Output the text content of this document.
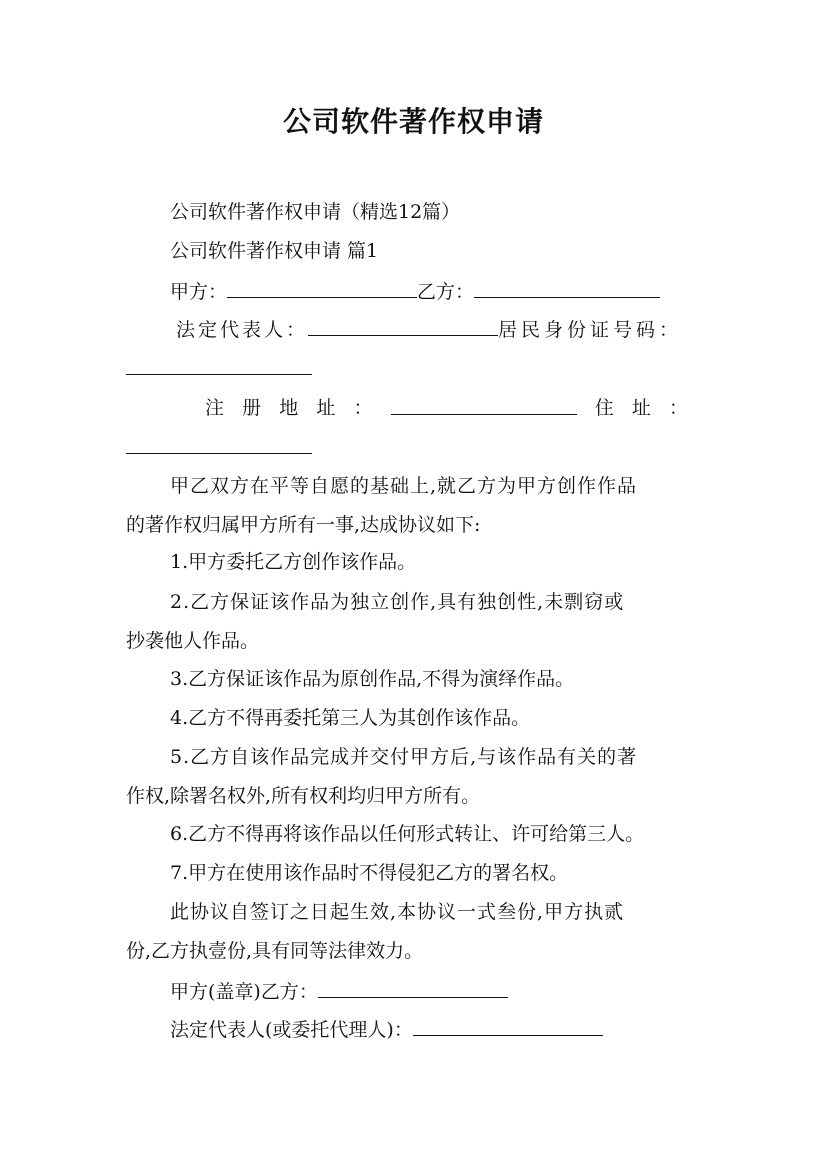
公司软件著作权申请
公司软件著作权申请（精选12篇）
公司软件著作权申请 篇1
甲方：	乙方：
法定代表人：	居民身份证号码：
注 册 地 址 ：	住 址 ：
甲乙双方在平等自愿的基础上,就乙方为甲方创作作品
的著作权归属甲方所有一事,达成协议如下:
1.甲方委托乙方创作该作品。
2.乙方保证该作品为独立创作,具有独创性,未剽窃或
抄袭他人作品。
3.乙方保证该作品为原创作品,不得为演绎作品。
4.乙方不得再委托第三人为其创作该作品。
5.乙方自该作品完成并交付甲方后,与该作品有关的著
作权,除署名权外,所有权利均归甲方所有。
6.乙方不得再将该作品以任何形式转让、许可给第三人。
7.甲方在使用该作品时不得侵犯乙方的署名权。
此协议自签订之日起生效,本协议一式叁份,甲方执贰
份,乙方执壹份,具有同等法律效力。
甲方(盖章)乙方：
法定代表人(或委托代理人)：
